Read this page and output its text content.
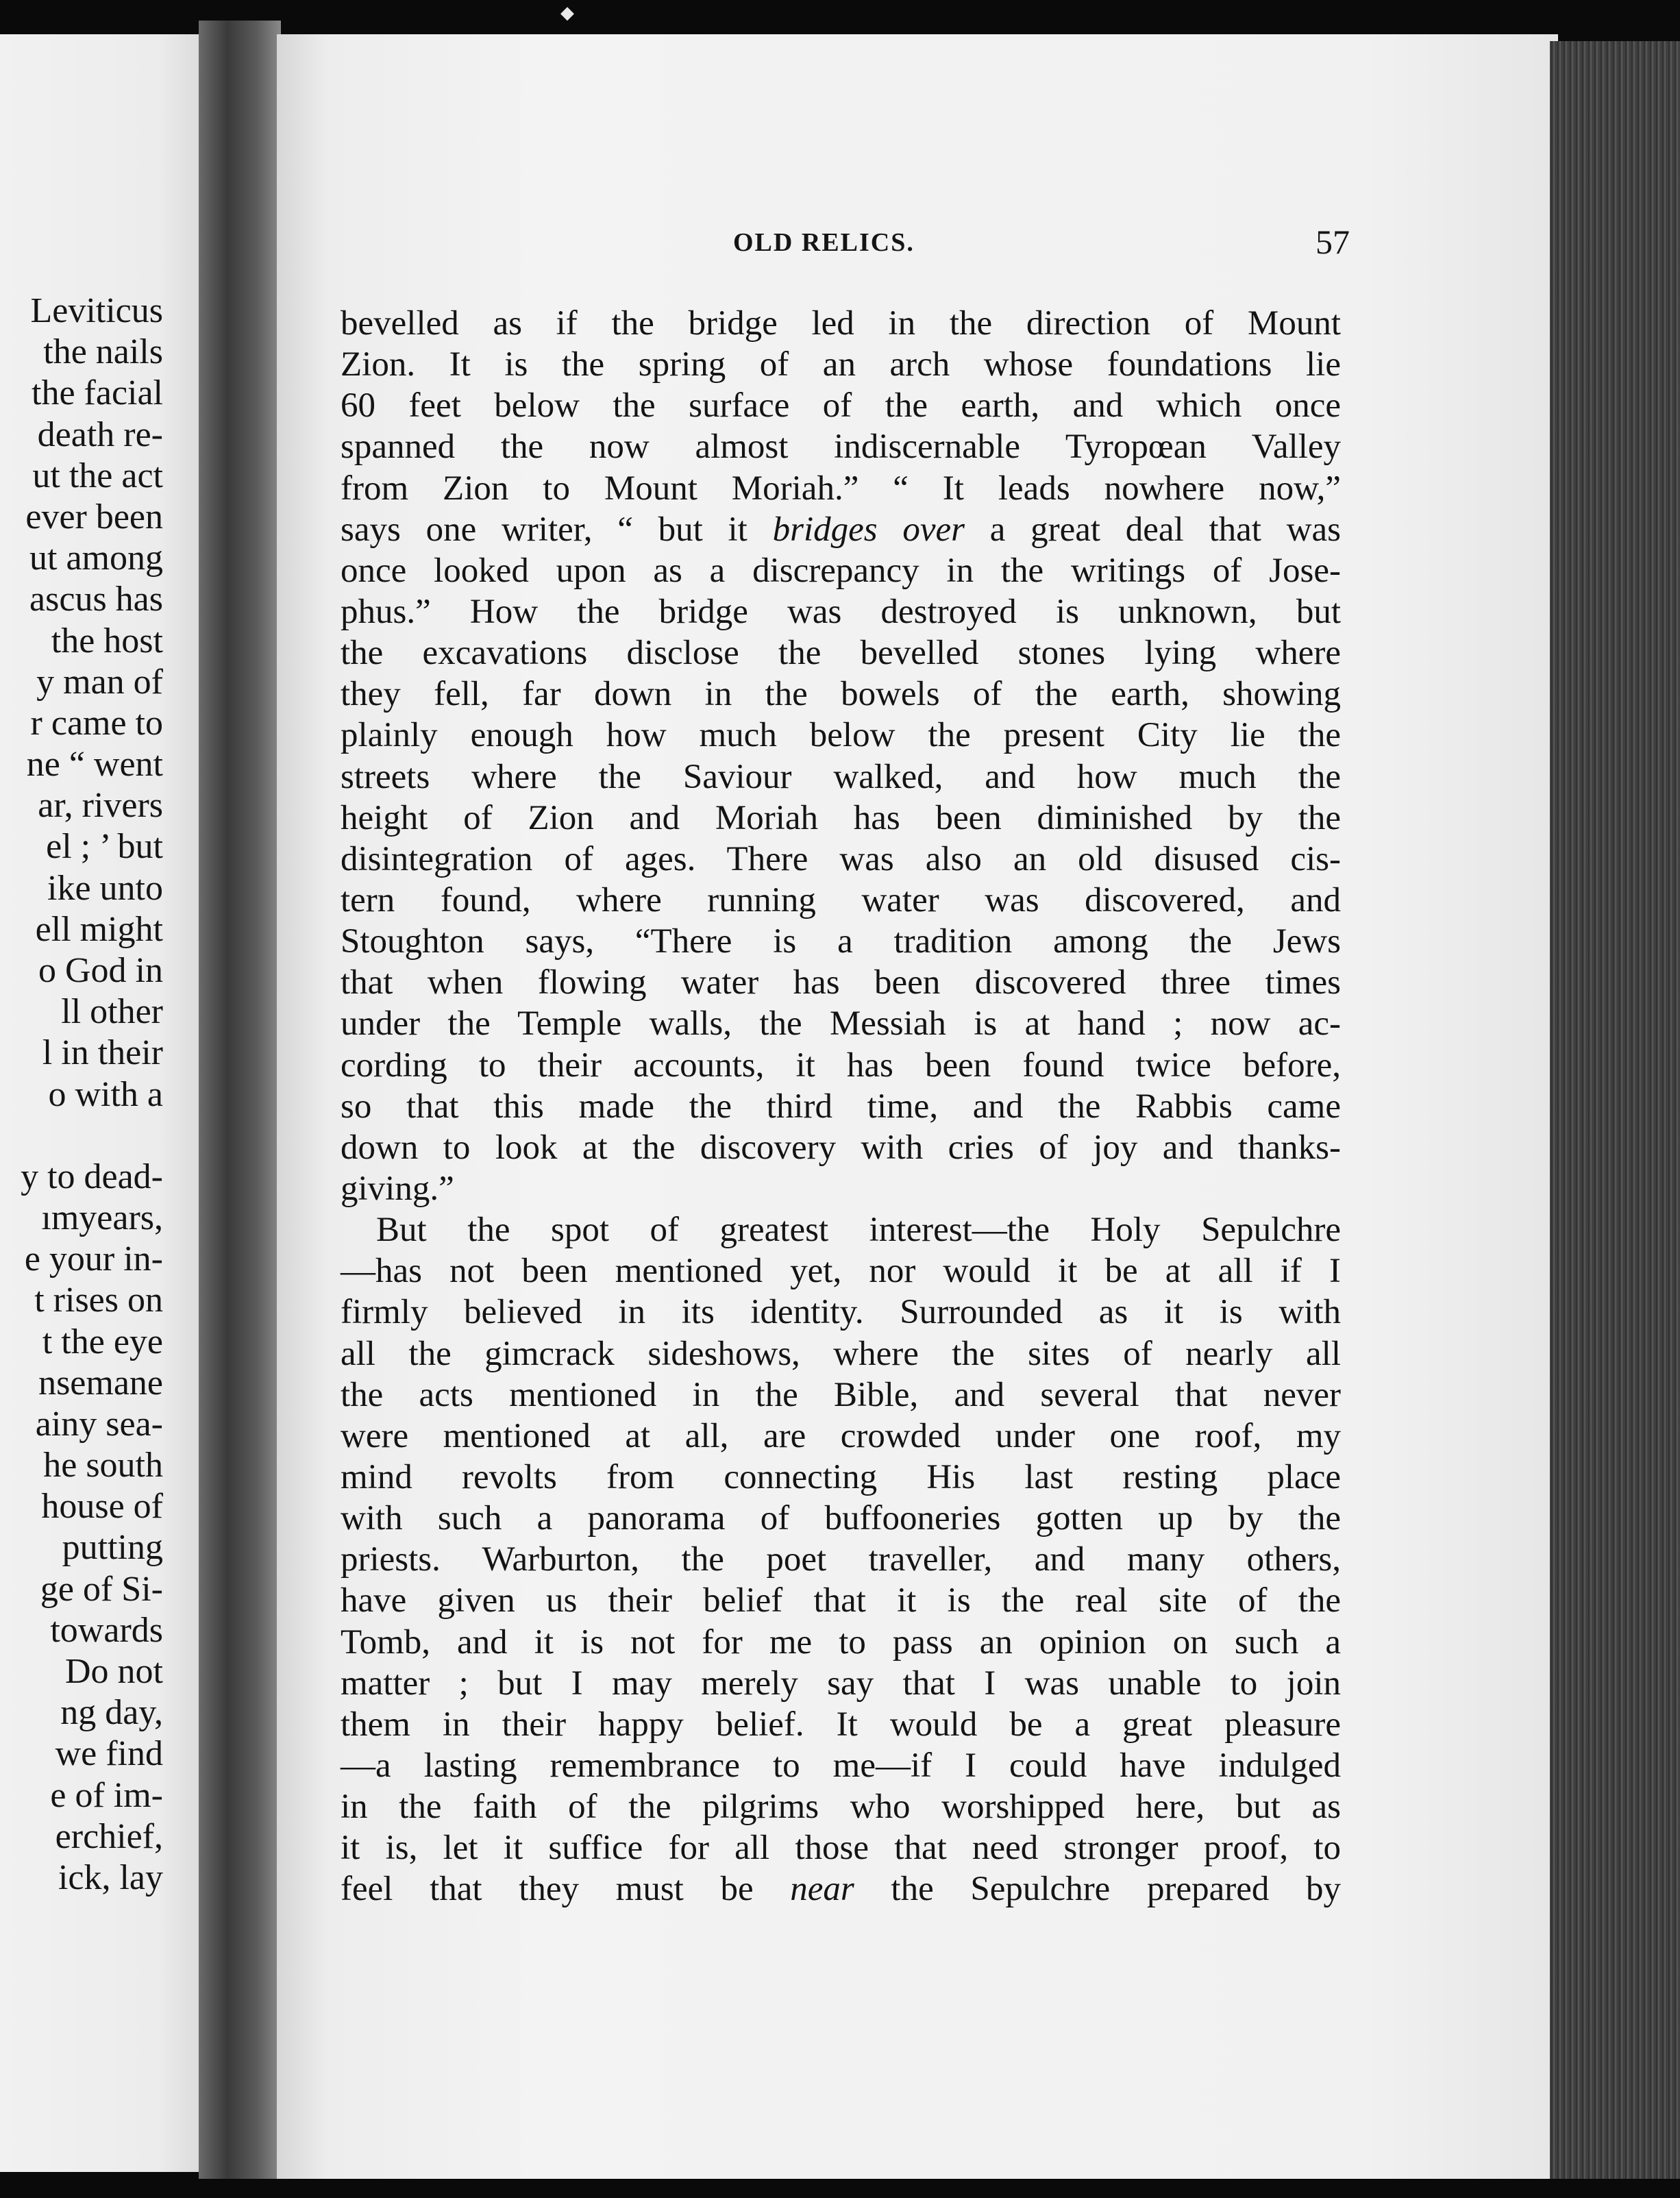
◆
Leviticus
the nails
the facial
death re-
ut the act
ever been
ut among
ascus has
the host
y man of
r came to
ne “ went
ar, rivers
el ; ’ but
ike unto
ell might
o God in
ll other
l in their
o with a
y to dead-
ımyears,
e your in-
t rises on
t the eye
nsemane
ainy sea-
he south
house of
putting
ge of Si-
towards
Do not
ng day,
we find
e of im-
erchief,
ick, lay
OLD RELICS.	57
bevelled as if the bridge led in the direction of Mount
Zion. It is the spring of an arch whose foundations lie
60 feet below the surface of the earth, and which once
spanned the now almost indiscernable Tyropœan Valley
from Zion to Mount Moriah.” “ It leads nowhere now,”
says one writer, “ but it bridges over a great deal that was
once looked upon as a discrepancy in the writings of Jose-
phus.” How the bridge was destroyed is unknown, but
the excavations disclose the bevelled stones lying where
they fell, far down in the bowels of the earth, showing
plainly enough how much below the present City lie the
streets where the Saviour walked, and how much the
height of Zion and Moriah has been diminished by the
disintegration of ages. There was also an old disused cis-
tern found, where running water was discovered, and
Stoughton says, “There is a tradition among the Jews
that when flowing water has been discovered three times
under the Temple walls, the Messiah is at hand ; now ac-
cording to their accounts, it has been found twice before,
so that this made the third time, and the Rabbis came
down to look at the discovery with cries of joy and thanks-
giving.”
But the spot of greatest interest—the Holy Sepulchre
—has not been mentioned yet, nor would it be at all if I
firmly believed in its identity. Surrounded as it is with
all the gimcrack sideshows, where the sites of nearly all
the acts mentioned in the Bible, and several that never
were mentioned at all, are crowded under one roof, my
mind revolts from connecting His last resting place
with such a panorama of buffooneries gotten up by the
priests. Warburton, the poet traveller, and many others,
have given us their belief that it is the real site of the
Tomb, and it is not for me to pass an opinion on such a
matter ; but I may merely say that I was unable to join
them in their happy belief. It would be a great pleasure
—a lasting remembrance to me—if I could have indulged
in the faith of the pilgrims who worshipped here, but as
it is, let it suffice for all those that need stronger proof, to
feel that they must be near the Sepulchre prepared by
